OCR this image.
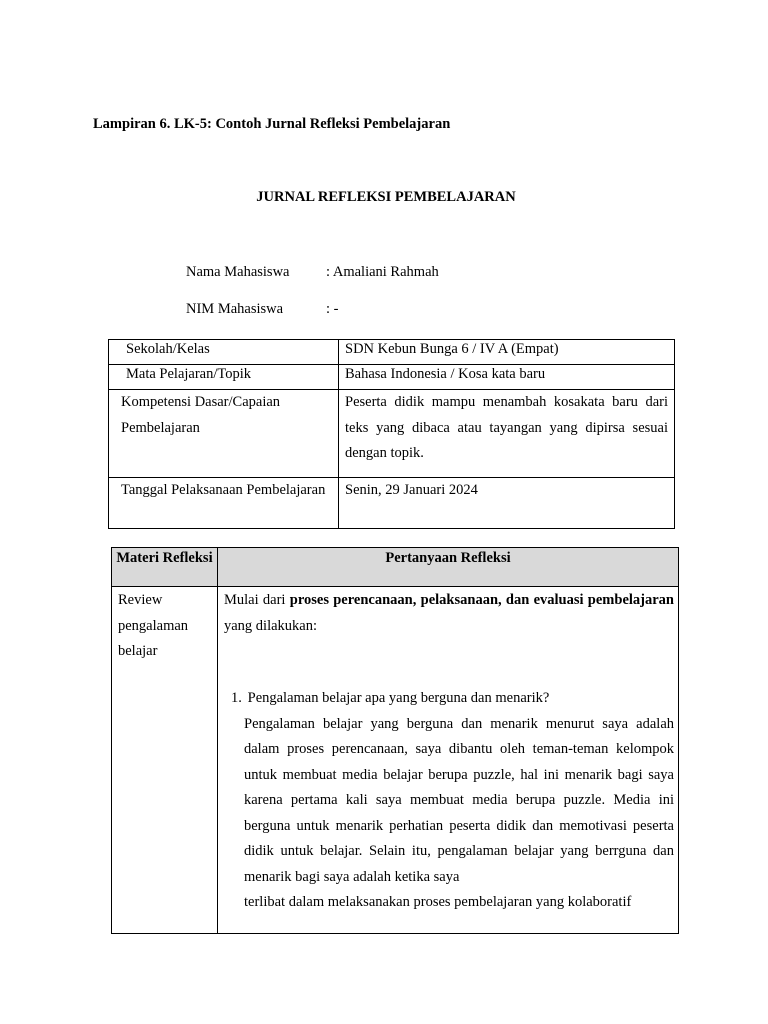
Lampiran 6. LK-5: Contoh Jurnal Refleksi Pembelajaran
JURNAL REFLEKSI PEMBELAJARAN
Nama Mahasiswa	: Amaliani Rahmah
NIM Mahasiswa	: -
Sekolah/Kelas	SDN Kebun Bunga 6 / IV A (Empat)
Mata Pelajaran/Topik	Bahasa Indonesia / Kosa kata baru
Kompetensi Dasar/Capaian Pembelajaran	Peserta didik mampu menambah kosakata baru dari teks yang dibaca atau tayangan yang dipirsa sesuai dengan topik.
Tanggal Pelaksanaan Pembelajaran	Senin, 29 Januari 2024
Materi Refleksi	Pertanyaan Refleksi

Review pengalaman belajar	Mulai dari proses perencanaan, pelaksanaan, dan evaluasi pembelajaran yang dilakukan:
1. Pengalaman belajar apa yang berguna dan menarik?
Pengalaman belajar yang berguna dan menarik menurut saya adalah dalam proses perencanaan, saya dibantu oleh teman-teman kelompok untuk membuat media belajar berupa puzzle, hal ini menarik bagi saya karena pertama kali saya membuat media berupa puzzle. Media ini berguna untuk menarik perhatian peserta didik dan memotivasi peserta didik untuk belajar. Selain itu, pengalaman belajar yang berrguna dan menarik bagi saya adalah ketika saya
terlibat dalam melaksanakan proses pembelajaran yang kolaboratif
